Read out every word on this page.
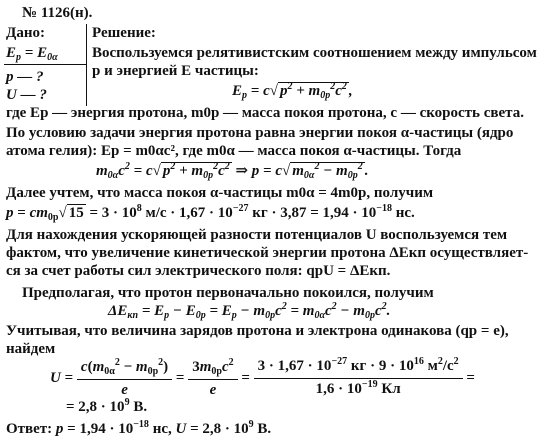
№ 1126(н).
Дано:
$E_p = E_{0\alpha}$
p — ?
U — ?
Решение:
Воспользуемся релятивистским соотношением между импульсом
p и энергией E частицы:
$E_p = c√$ $p^2 + m_{0p}^2c^2$ ,
где Ep — энергия протона, m0p — масса покоя протона, c — скорость света.
По условию задачи энергия протона равна энергии покоя α-частицы (ядро
атома гелия): Ep = m0αc², где m0α — масса покоя α-частицы. Тогда
$m_{0\alpha}c^2 = c√$ $p^2 + m_{0p}^2c^2$ ⇒ p = c√ $m_{0\alpha}^2 - m_{0p}^2$ .
Далее учтем, что масса покоя α-частицы m0α = 4m0p, получим
$p = cm_{0p}√$ $15 = 3 \cdot 10^8$ $м/с \cdot 1,67 \cdot 10^{-27}$ кг · $3,87 = 1,94 \cdot 10^{-18}$ нс.
Для нахождения ускоряющей разности потенциалов U воспользуемся тем
фактом, что увеличение кинетической энергии протона ΔEкп осуществляет-
ся за счет работы сил электрического поля: qpU = ΔEкп.
Предполагая, что протон первоначально покоился, получим
$\Delta E_{кп} = E_p - E_{0p} = E_p - m_{0p}c^2 = m_{0\alpha}c^2 - m_{0p}c^2$.
Учитывая, что величина зарядов протона и электрона одинакова (qp = e),
найдем
$U = \frac{c(m_{0\alpha}^2 - m_{0p}^2)}{e} = \frac{3m_{0p}c^2}{e} = \frac{3 \cdot 1,67 \cdot 10^{-27} кг \cdot 9 \cdot 10^{16} м^2/с^2}{1,6 \cdot 10^{-19} Кл}$ =
= $2,8 \cdot 10^9$ В.
Ответ: $p = 1,94 \cdot 10^{-18}$ нс, $U = 2,8 \cdot 10^9$ В.
